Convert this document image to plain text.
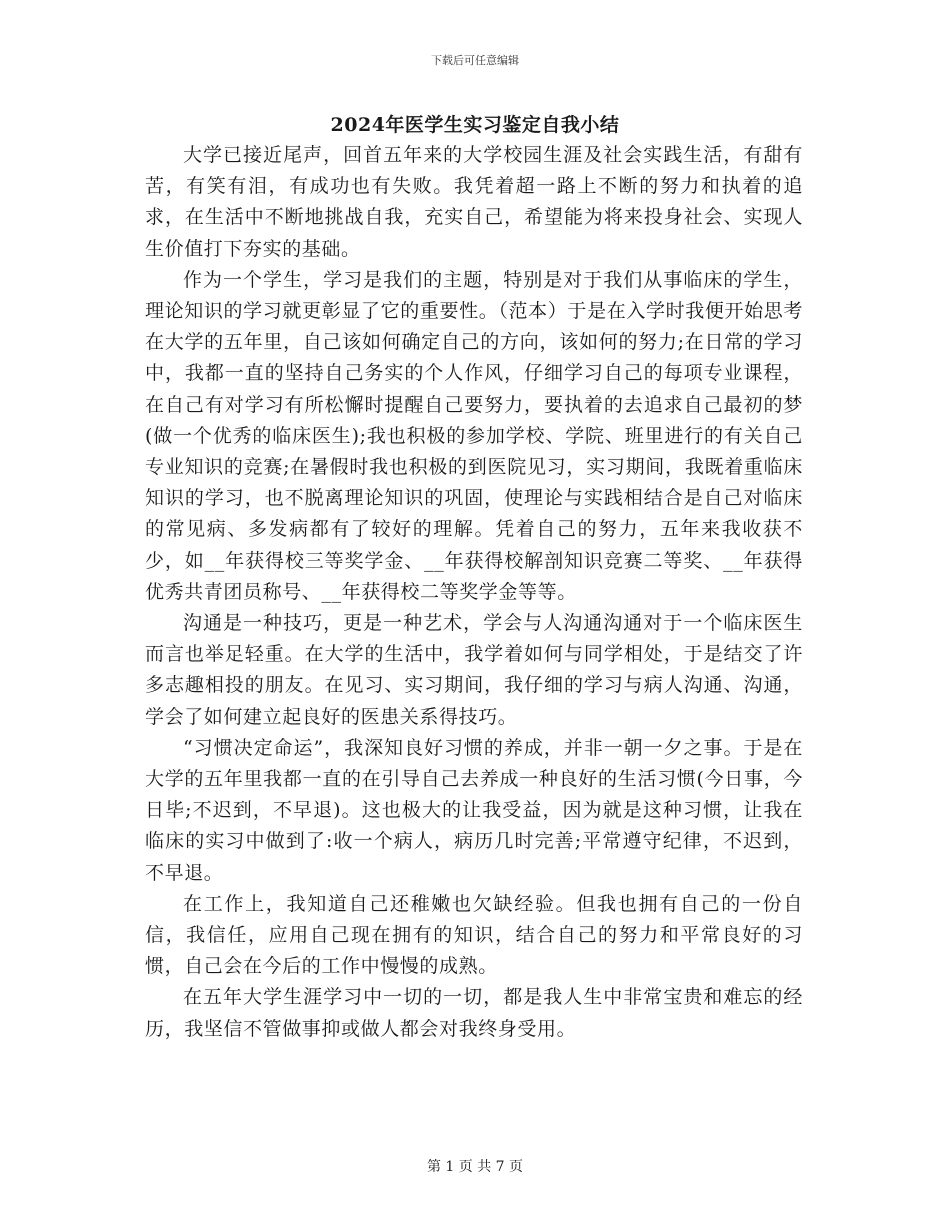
下载后可任意编辑
2024年医学生实习鉴定自我小结

大学已接近尾声，回首五年来的大学校园生涯及社会实践生活，有甜有苦，有笑有泪，有成功也有失败。我凭着超一路上不断的努力和执着的追求，在生活中不断地挑战自我，充实自己，希望能为将来投身社会、实现人生价值打下夯实的基础。

作为一个学生，学习是我们的主题，特别是对于我们从事临床的学生，理论知识的学习就更彰显了它的重要性。（范本）于是在入学时我便开始思考在大学的五年里，自己该如何确定自己的方向，该如何的努力;在日常的学习中，我都一直的坚持自己务实的个人作风，仔细学习自己的每项专业课程，在自己有对学习有所松懈时提醒自己要努力，要执着的去追求自己最初的梦(做一个优秀的临床医生);我也积极的参加学校、学院、班里进行的有关自己专业知识的竞赛;在暑假时我也积极的到医院见习，实习期间，我既着重临床知识的学习，也不脱离理论知识的巩固，使理论与实践相结合是自己对临床的常见病、多发病都有了较好的理解。凭着自己的努力，五年来我收获不少，如__年获得校三等奖学金、__年获得校解剖知识竞赛二等奖、__年获得优秀共青团员称号、__年获得校二等奖学金等等。

沟通是一种技巧，更是一种艺术，学会与人沟通沟通对于一个临床医生而言也举足轻重。在大学的生活中，我学着如何与同学相处，于是结交了许多志趣相投的朋友。在见习、实习期间，我仔细的学习与病人沟通、沟通，学会了如何建立起良好的医患关系得技巧。

“习惯决定命运”，我深知良好习惯的养成，并非一朝一夕之事。于是在大学的五年里我都一直的在引导自己去养成一种良好的生活习惯(今日事，今日毕;不迟到，不早退)。这也极大的让我受益，因为就是这种习惯，让我在临床的实习中做到了:收一个病人，病历几时完善;平常遵守纪律，不迟到，不早退。

在工作上，我知道自己还稚嫩也欠缺经验。但我也拥有自己的一份自信，我信任，应用自己现在拥有的知识，结合自己的努力和平常良好的习惯，自己会在今后的工作中慢慢的成熟。

在五年大学生涯学习中一切的一切，都是我人生中非常宝贵和难忘的经历，我坚信不管做事抑或做人都会对我终身受用。

第 1 页 共 7 页
